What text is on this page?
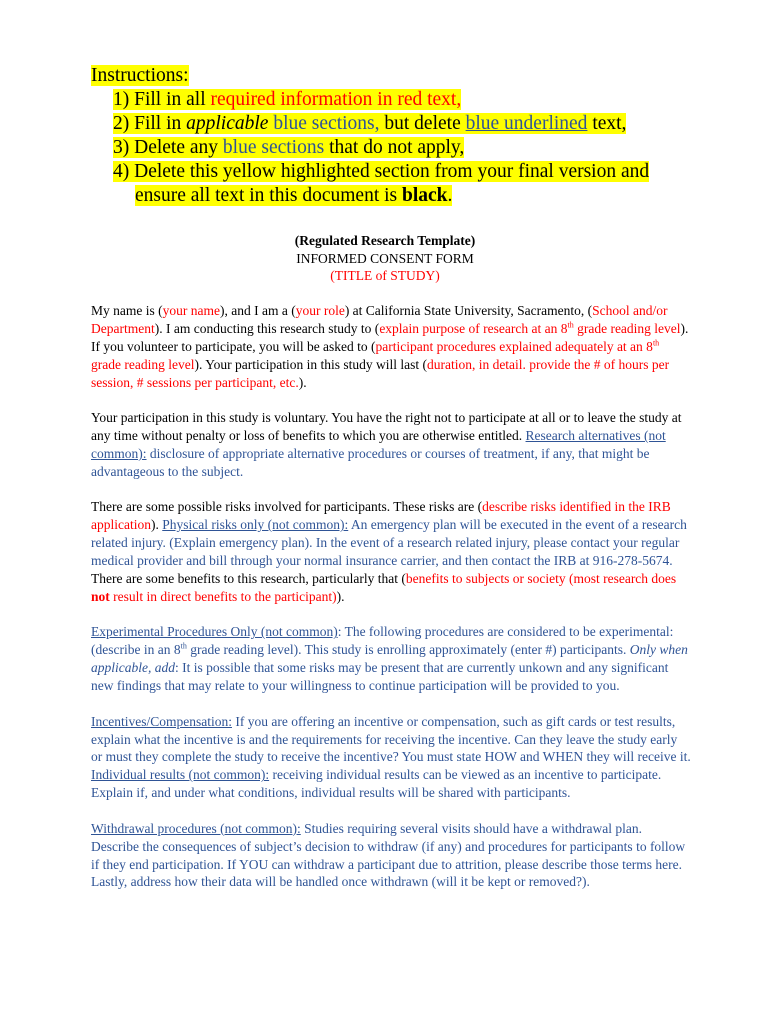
Instructions:
1) Fill in all required information in red text,
2) Fill in applicable blue sections, but delete blue underlined text,
3) Delete any blue sections that do not apply,
4) Delete this yellow highlighted section from your final version and
ensure all text in this document is black.
(Regulated Research Template)
INFORMED CONSENT FORM
(TITLE of STUDY)

My name is (your name), and I am a (your role) at California State University, Sacramento, (School and/or Department). I am conducting this research study to (explain purpose of research at an 8th grade reading level). If you volunteer to participate, you will be asked to (participant procedures explained adequately at an 8th grade reading level). Your participation in this study will last (duration, in detail. provide the # of hours per session, # sessions per participant, etc.).

Your participation in this study is voluntary. You have the right not to participate at all or to leave the study at any time without penalty or loss of benefits to which you are otherwise entitled. Research alternatives (not common): disclosure of appropriate alternative procedures or courses of treatment, if any, that might be advantageous to the subject.

There are some possible risks involved for participants. These risks are (describe risks identified in the IRB application). Physical risks only (not common): An emergency plan will be executed in the event of a research related injury. (Explain emergency plan). In the event of a research related injury, please contact your regular medical provider and bill through your normal insurance carrier, and then contact the IRB at 916-278-5674. There are some benefits to this research, particularly that (benefits to subjects or society (most research does not result in direct benefits to the participant)).

Experimental Procedures Only (not common): The following procedures are considered to be experimental: (describe in an 8th grade reading level). This study is enrolling approximately (enter #) participants. Only when applicable, add: It is possible that some risks may be present that are currently unkown and any significant new findings that may relate to your willingness to continue participation will be provided to you.

Incentives/Compensation: If you are offering an incentive or compensation, such as gift cards or test results, explain what the incentive is and the requirements for receiving the incentive. Can they leave the study early or must they complete the study to receive the incentive? You must state HOW and WHEN they will receive it. Individual results (not common): receiving individual results can be viewed as an incentive to participate. Explain if, and under what conditions, individual results will be shared with participants.

Withdrawal procedures (not common): Studies requiring several visits should have a withdrawal plan. Describe the consequences of subject’s decision to withdraw (if any) and procedures for participants to follow if they end participation. If YOU can withdraw a participant due to attrition, please describe those terms here. Lastly, address how their data will be handled once withdrawn (will it be kept or removed?).
